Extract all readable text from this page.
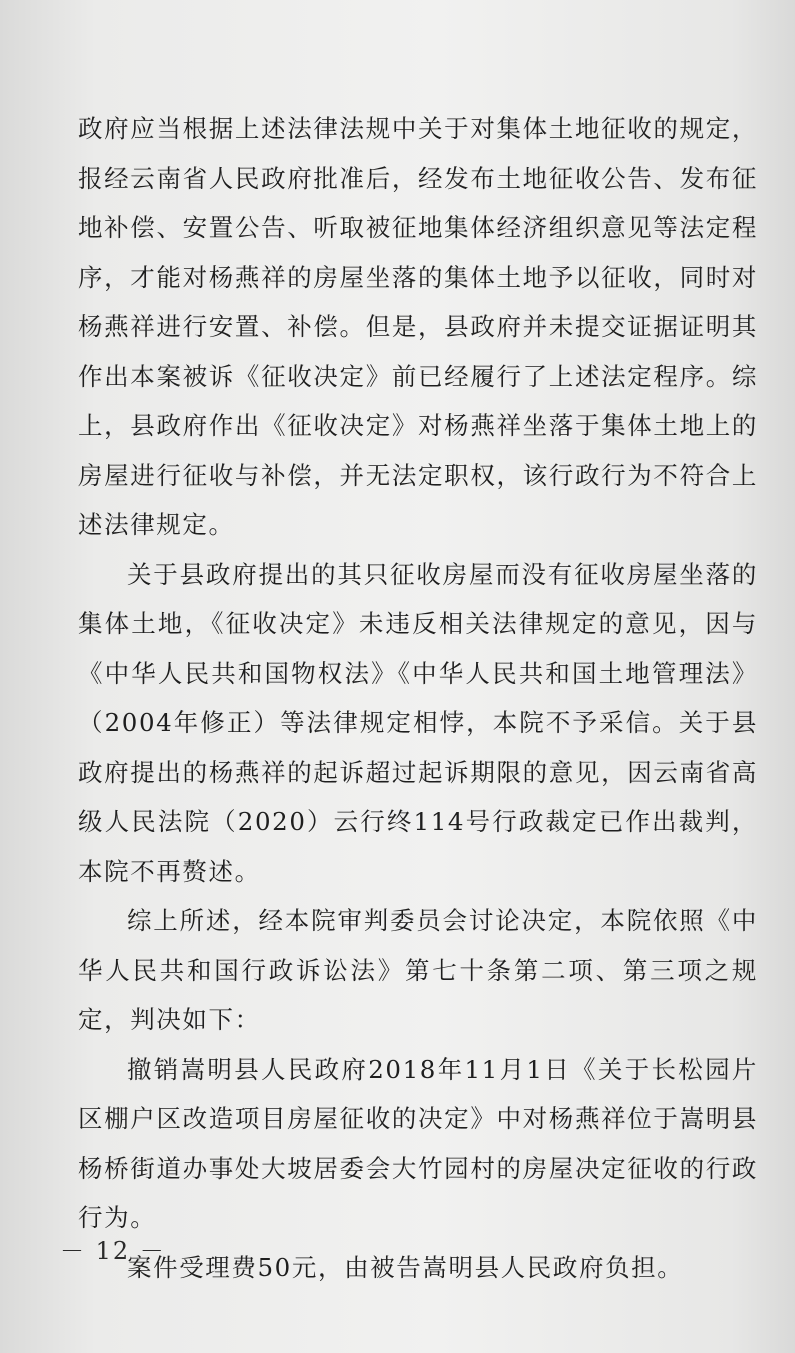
政府应当根据上述法律法规中关于对集体土地征收的规定，报经云南省人民政府批准后，经发布土地征收公告、发布征地补偿、安置公告、听取被征地集体经济组织意见等法定程序，才能对杨燕祥的房屋坐落的集体土地予以征收，同时对杨燕祥进行安置、补偿。但是，县政府并未提交证据证明其作出本案被诉《征收决定》前已经履行了上述法定程序。综上，县政府作出《征收决定》对杨燕祥坐落于集体土地上的房屋进行征收与补偿，并无法定职权，该行政行为不符合上述法律规定。

关于县政府提出的其只征收房屋而没有征收房屋坐落的集体土地，《征收决定》未违反相关法律规定的意见，因与《中华人民共和国物权法》《中华人民共和国土地管理法》（2004年修正）等法律规定相悖，本院不予采信。关于县政府提出的杨燕祥的起诉超过起诉期限的意见，因云南省高级人民法院（2020）云行终114号行政裁定已作出裁判，本院不再赘述。

综上所述，经本院审判委员会讨论决定，本院依照《中华人民共和国行政诉讼法》第七十条第二项、第三项之规定，判决如下：

撤销嵩明县人民政府2018年11月1日《关于长松园片区棚户区改造项目房屋征收的决定》中对杨燕祥位于嵩明县杨桥街道办事处大坡居委会大竹园村的房屋决定征收的行政行为。

案件受理费50元，由被告嵩明县人民政府负担。

－ 12 －
